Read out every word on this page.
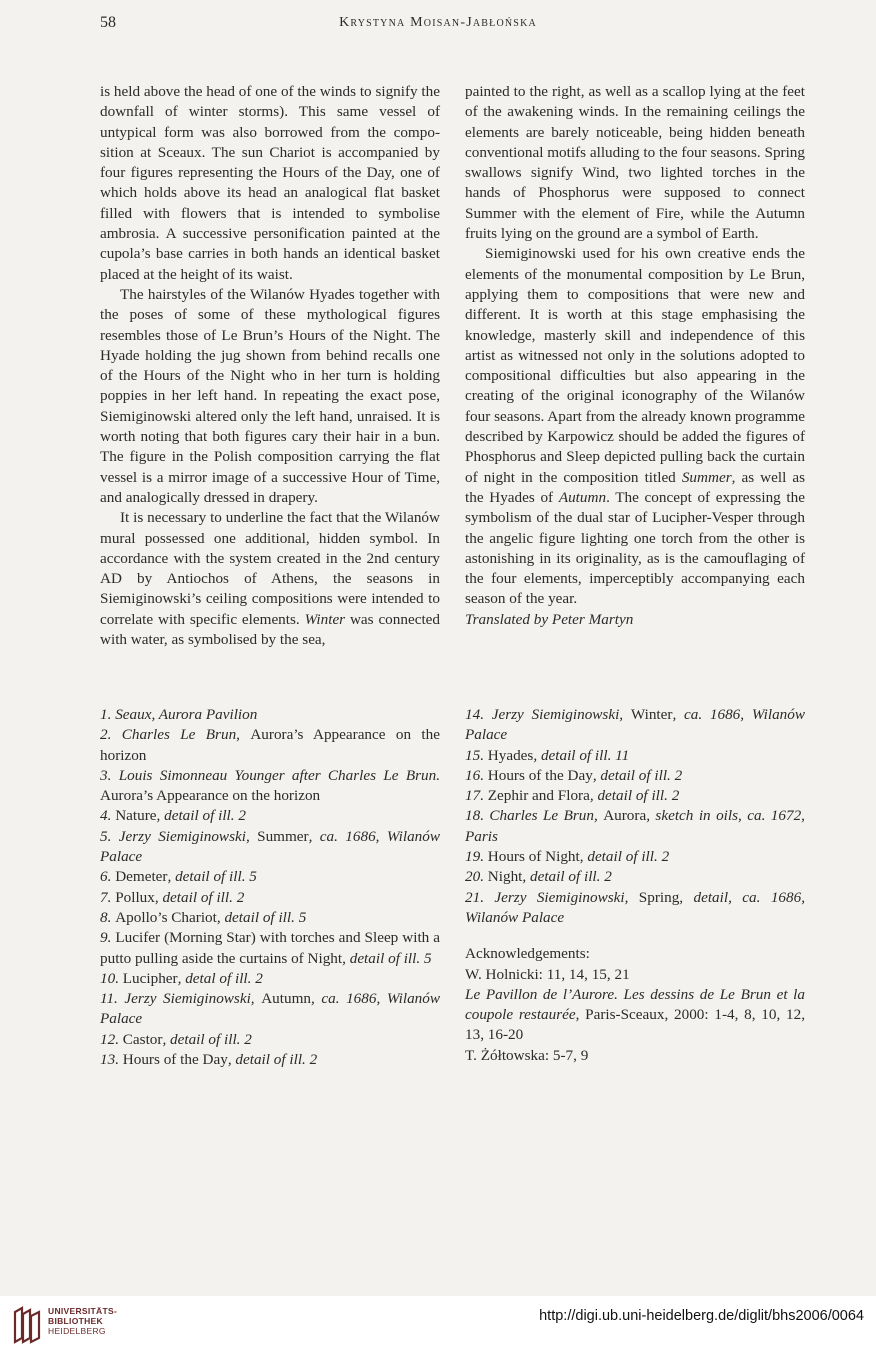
58	Krystyna Moisan-Jabłońska

is held above the head of one of the winds to signify the downfall of winter storms). This same vessel of untypical form was also borrowed from the composition at Sceaux. The sun Chariot is accompanied by four figures representing the Hours of the Day, one of which holds above its head an analogical flat basket filled with flowers that is intended to symbolise ambrosia. A successive personification painted at the cupola’s base carries in both hands an identical basket placed at the height of its waist.

The hairstyles of the Wilanów Hyades together with the poses of some of these mythological figures resembles those of Le Brun’s Hours of the Night. The Hyade holding the jug shown from behind recalls one of the Hours of the Night who in her turn is holding poppies in her left hand. In repeating the exact pose, Siemiginowski altered only the left hand, unraised. It is worth noting that both figures cary their hair in a bun. The figure in the Polish composition carrying the flat vessel is a mirror image of a successive Hour of Time, and analogically dressed in drapery.

It is necessary to underline the fact that the Wilanów mural possessed one additional, hidden symbol. In accordance with the system created in the 2nd century AD by Antiochos of Athens, the seasons in Siemiginowski’s ceiling compositions were intended to correlate with specific elements. Winter was connected with water, as symbolised by the sea,

painted to the right, as well as a scallop lying at the feet of the awakening winds. In the remaining ceilings the elements are barely noticeable, being hidden beneath conventional motifs alluding to the four seasons. Spring swallows signify Wind, two lighted torches in the hands of Phosphorus were supposed to connect Summer with the element of Fire, while the Autumn fruits lying on the ground are a symbol of Earth.

Siemiginowski used for his own creative ends the elements of the monumental composition by Le Brun, applying them to compositions that were new and different. It is worth at this stage emphasising the knowledge, masterly skill and independence of this artist as witnessed not only in the solutions adopted to compositional difficulties but also appearing in the creating of the original iconography of the Wilanów four seasons. Apart from the already known programme described by Karpowicz should be added the figures of Phosphorus and Sleep depicted pulling back the curtain of night in the composition titled Summer, as well as the Hyades of Autumn. The concept of expressing the symbolism of the dual star of Lucipher-Vesper through the angelic figure lighting one torch from the other is astonishing in its originality, as is the camouflaging of the four elements, imperceptibly accompanying each season of the year.

Translated by Peter Martyn

1. Seaux, Aurora Pavilion

2. Charles Le Brun, Aurora’s Appearance on the horizon

3. Louis Simonneau Younger after Charles Le Brun. Aurora’s Appearance on the horizon

4. Nature, detail of ill. 2

5. Jerzy Siemiginowski, Summer, ca. 1686, Wilanów Palace

6. Demeter, detail of ill. 5

7. Pollux, detail of ill. 2

8. Apollo’s Chariot, detail of ill. 5

9. Lucifer (Morning Star) with torches and Sleep with a putto pulling aside the curtains of Night, detail of ill. 5

10. Lucipher, detal of ill. 2

11. Jerzy Siemiginowski, Autumn, ca. 1686, Wilanów Palace

12. Castor, detail of ill. 2

13. Hours of the Day, detail of ill. 2

14. Jerzy Siemiginowski, Winter, ca. 1686, Wilanów Palace

15. Hyades, detail of ill. 11

16. Hours of the Day, detail of ill. 2

17. Zephir and Flora, detail of ill. 2

18. Charles Le Brun, Aurora, sketch in oils, ca. 1672, Paris

19. Hours of Night, detail of ill. 2

20. Night, detail of ill. 2

21. Jerzy Siemiginowski, Spring, detail, ca. 1686, Wilanów Palace

Acknowledgements:

W. Holnicki: 11, 14, 15, 21

Le Pavillon de l’Aurore. Les dessins de Le Brun et la coupole restaurée, Paris-Sceaux, 2000: 1-4, 8, 10, 12, 13, 16-20

T. Żółtowska: 5-7, 9

UNIVERSITÄTS-
BIBLIOTHEK
HEIDELBERG
http://digi.ub.uni-heidelberg.de/diglit/bhs2006/0064
